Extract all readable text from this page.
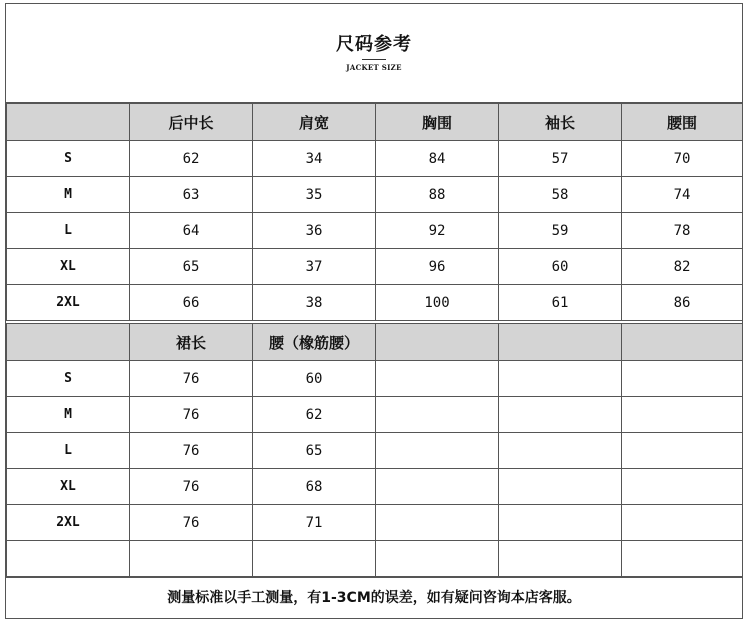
尺码参考
JACKET SIZE
	后中长	肩宽	胸围	袖长	腰围
S	62	34	84	57	70
M	63	35	88	58	74
L	64	36	92	59	78
XL	65	37	96	60	82
2XL	66	38	100	61	86
	裙长	腰（橡筋腰）			
S	76	60			
M	76	62			
L	76	65			
XL	76	68			
2XL	76	71			

测量标准以手工测量，有1-3CM的误差，如有疑问咨询本店客服。
